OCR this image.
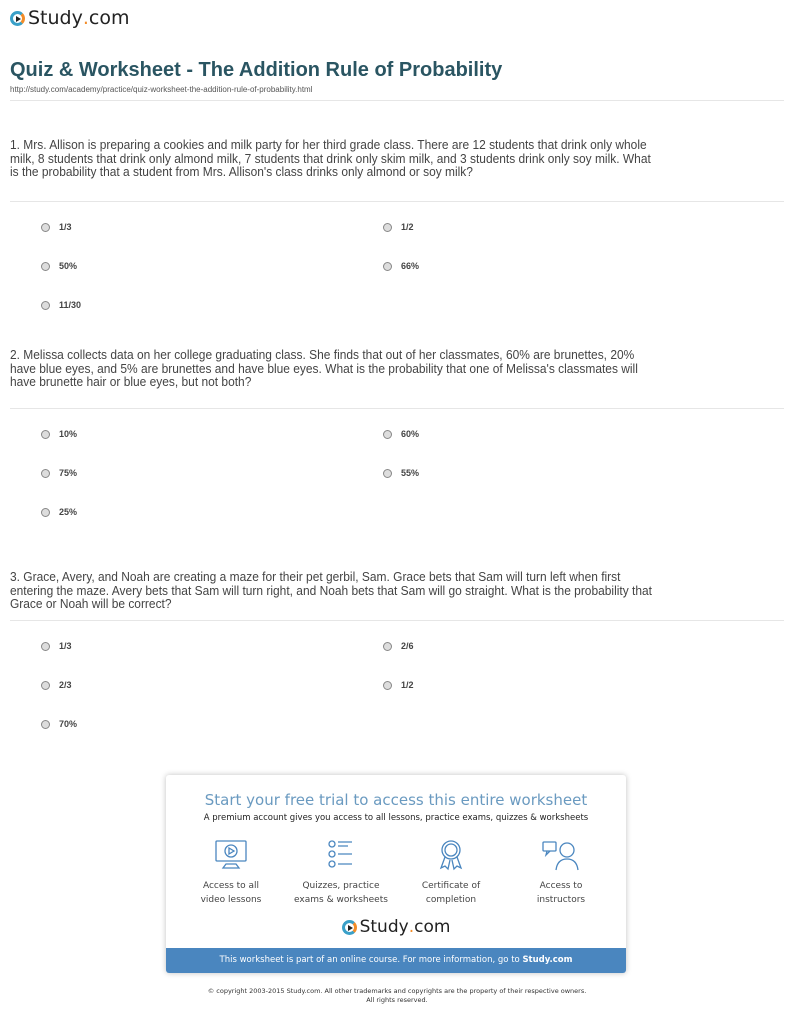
Study . com
Quiz & Worksheet - The Addition Rule of Probability
http://study.com/academy/practice/quiz-worksheet-the-addition-rule-of-probability.html
1. Mrs. Allison is preparing a cookies and milk party for her third grade class. There are 12 students that drink only whole milk, 8 students that drink only almond milk, 7 students that drink only skim milk, and 3 students drink only soy milk. What is the probability that a student from Mrs. Allison's class drinks only almond or soy milk?
1/3	1/2
50%	66%
11/30
2. Melissa collects data on her college graduating class. She finds that out of her classmates, 60% are brunettes, 20% have blue eyes, and 5% are brunettes and have blue eyes. What is the probability that one of Melissa's classmates will have brunette hair or blue eyes, but not both?
10%	60%
75%	55%
25%
3. Grace, Avery, and Noah are creating a maze for their pet gerbil, Sam. Grace bets that Sam will turn left when first entering the maze. Avery bets that Sam will turn right, and Noah bets that Sam will go straight. What is the probability that Grace or Noah will be correct?
1/3	2/6
2/3	1/2
70%
Start your free trial to access this entire worksheet
A premium account gives you access to all lessons, practice exams, quizzes & worksheets
Access to all
video lessons
Quizzes, practice
exams & worksheets
Certificate of
completion
Access to
instructors
Study . com
This worksheet is part of an online course. For more information, go to Study.com
© copyright 2003-2015 Study.com. All other trademarks and copyrights are the property of their respective owners.
All rights reserved.
